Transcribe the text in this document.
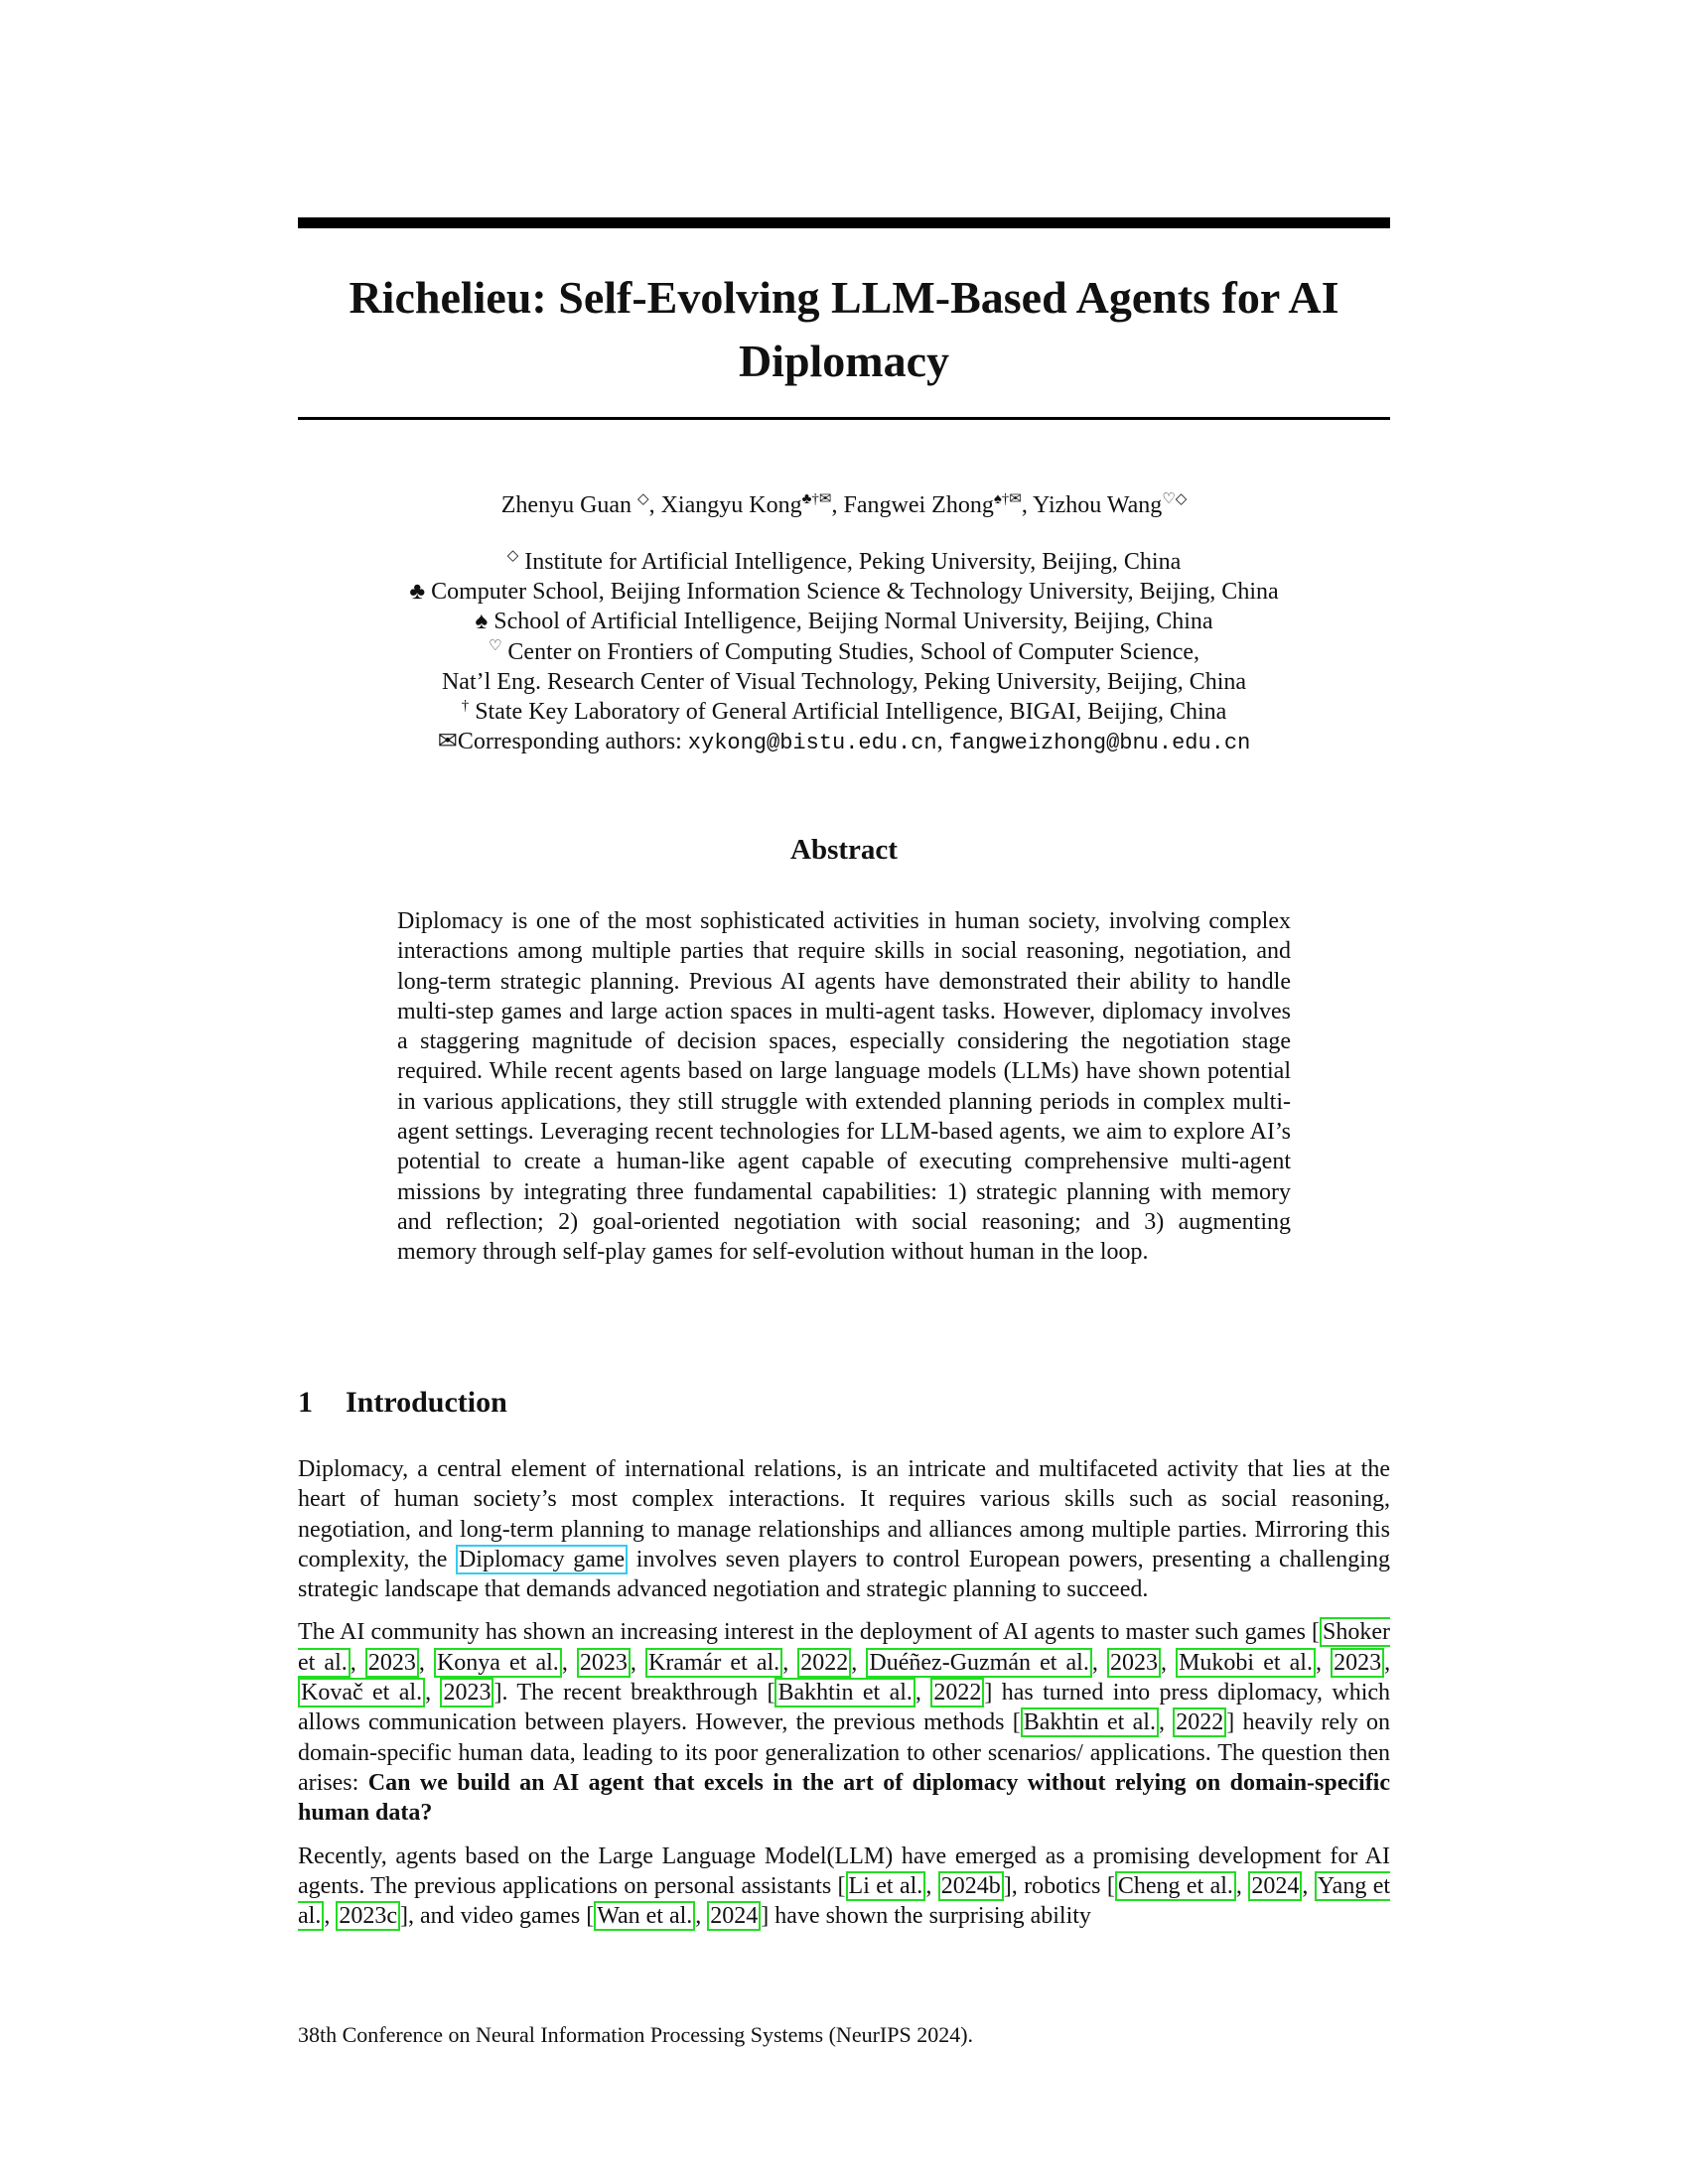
Richelieu: Self-Evolving LLM-Based Agents for AI Diplomacy
Zhenyu Guan ◇, Xiangyu Kong♣†✉, Fangwei Zhong♠†✉, Yizhou Wang♡◇
◇ Institute for Artificial Intelligence, Peking University, Beijing, China
♣ Computer School, Beijing Information Science & Technology University, Beijing, China
♠ School of Artificial Intelligence, Beijing Normal University, Beijing, China
♡ Center on Frontiers of Computing Studies, School of Computer Science,
Nat’l Eng. Research Center of Visual Technology, Peking University, Beijing, China
† State Key Laboratory of General Artificial Intelligence, BIGAI, Beijing, China
✉Corresponding authors: xykong@bistu.edu.cn, fangweizhong@bnu.edu.cn
Abstract
Diplomacy is one of the most sophisticated activities in human society, involving complex interactions among multiple parties that require skills in social reasoning, negotiation, and long-term strategic planning. Previous AI agents have demonstrated their ability to handle multi-step games and large action spaces in multi-agent tasks. However, diplomacy involves a staggering magnitude of decision spaces, especially considering the negotiation stage required. While recent agents based on large language models (LLMs) have shown potential in various applications, they still struggle with extended planning periods in complex multi-agent settings. Leveraging recent technologies for LLM-based agents, we aim to explore AI’s potential to create a human-like agent capable of executing comprehensive multi-agent missions by integrating three fundamental capabilities: 1) strategic planning with memory and reflection; 2) goal-oriented negotiation with social reasoning; and 3) augmenting memory through self-play games for self-evolution without human in the loop.
1 Introduction

Diplomacy, a central element of international relations, is an intricate and multifaceted activity that lies at the heart of human society’s most complex interactions. It requires various skills such as social reasoning, negotiation, and long-term planning to manage relationships and alliances among multiple parties. Mirroring this complexity, the Diplomacy game involves seven players to control European powers, presenting a challenging strategic landscape that demands advanced negotiation and strategic planning to succeed.

The AI community has shown an increasing interest in the deployment of AI agents to master such games [ Shoker et al. , 2023 , Konya et al. , 2023 , Kramár et al. , 2022 , Duéñez-Guzmán et al. , 2023 , Mukobi et al. , 2023 , Kovač et al. , 2023 ]. The recent breakthrough [ Bakhtin et al. , 2022 ] has turned into press diplomacy, which allows communication between players. However, the previous methods [ Bakhtin et al. , 2022 ] heavily rely on domain-specific human data, leading to its poor generalization to other scenarios/ applications. The question then arises: Can we build an AI agent that excels in the art of diplomacy without relying on domain-specific human data?

Recently, agents based on the Large Language Model(LLM) have emerged as a promising development for AI agents. The previous applications on personal assistants [ Li et al. , 2024b ], robotics [ Cheng et al. , 2024 , Yang et al. , 2023c ], and video games [ Wan et al. , 2024 ] have shown the surprising ability

38th Conference on Neural Information Processing Systems (NeurIPS 2024).
